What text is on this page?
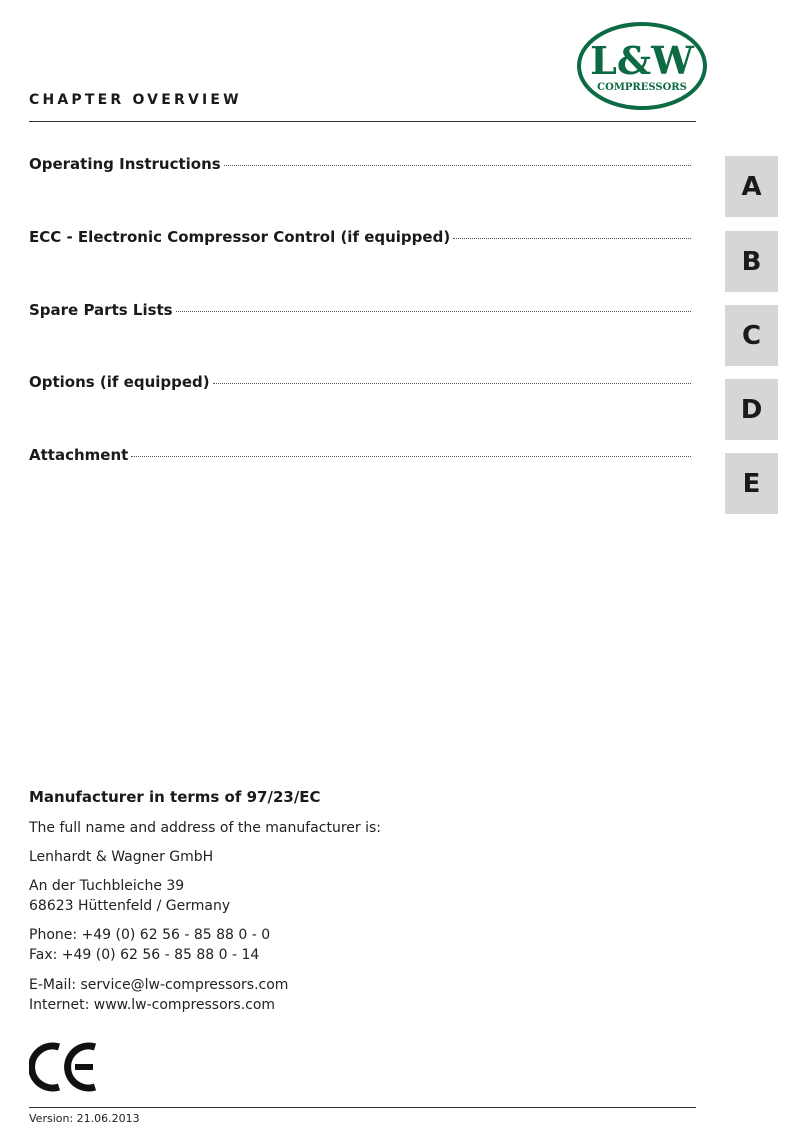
CHAPTER OVERVIEW
L&W
COMPRESSORS
Operating Instructions
ECC - Electronic Compressor Control (if equipped)
Spare Parts Lists
Options (if equipped)
Attachment
A
B
C
D
E
Manufacturer in terms of 97/23/EC
The full name and address of the manufacturer is:
Lenhardt & Wagner GmbH
An der Tuchbleiche 39
68623 Hüttenfeld / Germany
Phone: +49 (0) 62 56 - 85 88 0 - 0
Fax: +49 (0) 62 56 - 85 88 0 - 14
E-Mail: service@lw-compressors.com
Internet: www.lw-compressors.com
Version: 21.06.2013
